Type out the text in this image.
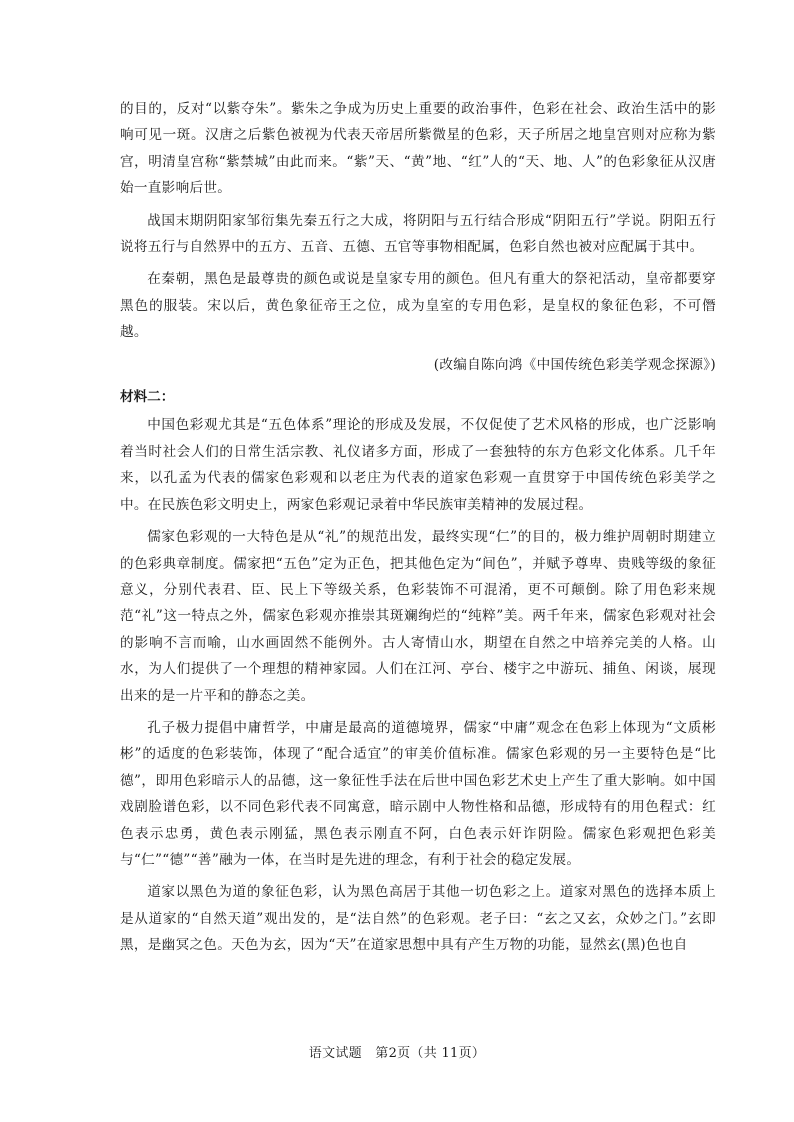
的目的，反对“以紫夺朱”。紫朱之争成为历史上重要的政治事件，色彩在社会、政治生活中的影响可见一斑。汉唐之后紫色被视为代表天帝居所紫微星的色彩，天子所居之地皇宫则对应称为紫宫，明清皇宫称“紫禁城”由此而来。“紫”天、“黄”地、“红”人的“天、地、人”的色彩象征从汉唐始一直影响后世。

战国末期阴阳家邹衍集先秦五行之大成，将阴阳与五行结合形成“阴阳五行”学说。阴阳五行说将五行与自然界中的五方、五音、五德、五官等事物相配属，色彩自然也被对应配属于其中。

在秦朝，黑色是最尊贵的颜色或说是皇家专用的颜色。但凡有重大的祭祀活动，皇帝都要穿黑色的服装。宋以后，黄色象征帝王之位，成为皇室的专用色彩，是皇权的象征色彩，不可僭越。

(改编自陈向鸿《中国传统色彩美学观念探源》)

材料二：

中国色彩观尤其是“五色体系”理论的形成及发展，不仅促使了艺术风格的形成，也广泛影响着当时社会人们的日常生活宗教、礼仪诸多方面，形成了一套独特的东方色彩文化体系。几千年来，以孔孟为代表的儒家色彩观和以老庄为代表的道家色彩观一直贯穿于中国传统色彩美学之中。在民族色彩文明史上，两家色彩观记录着中华民族审美精神的发展过程。

儒家色彩观的一大特色是从“礼”的规范出发，最终实现“仁”的目的，极力维护周朝时期建立的色彩典章制度。儒家把“五色”定为正色，把其他色定为“间色”，并赋予尊卑、贵贱等级的象征意义，分别代表君、臣、民上下等级关系，色彩装饰不可混淆，更不可颠倒。除了用色彩来规范“礼”这一特点之外，儒家色彩观亦推崇其斑斓绚烂的“纯粹”美。两千年来，儒家色彩观对社会的影响不言而喻，山水画固然不能例外。古人寄情山水，期望在自然之中培养完美的人格。山水，为人们提供了一个理想的精神家园。人们在江河、亭台、楼宇之中游玩、捕鱼、闲谈，展现出来的是一片平和的静态之美。

孔子极力提倡中庸哲学，中庸是最高的道德境界，儒家“中庸”观念在色彩上体现为“文质彬彬”的适度的色彩装饰，体现了“配合适宜”的审美价值标准。儒家色彩观的另一主要特色是“比德”，即用色彩暗示人的品德，这一象征性手法在后世中国色彩艺术史上产生了重大影响。如中国戏剧脸谱色彩，以不同色彩代表不同寓意，暗示剧中人物性格和品德，形成特有的用色程式：红色表示忠勇，黄色表示刚猛，黑色表示刚直不阿，白色表示奸诈阴险。儒家色彩观把色彩美与“仁”“德”“善”融为一体，在当时是先进的理念，有利于社会的稳定发展。

道家以黑色为道的象征色彩，认为黑色高居于其他一切色彩之上。道家对黑色的选择本质上是从道家的“自然天道”观出发的，是“法自然”的色彩观。老子曰：“玄之又玄，众妙之门。”玄即黑，是幽冥之色。天色为玄，因为“天”在道家思想中具有产生万物的功能，显然玄(黑)色也自

语文试题　第2页（共 11页）
